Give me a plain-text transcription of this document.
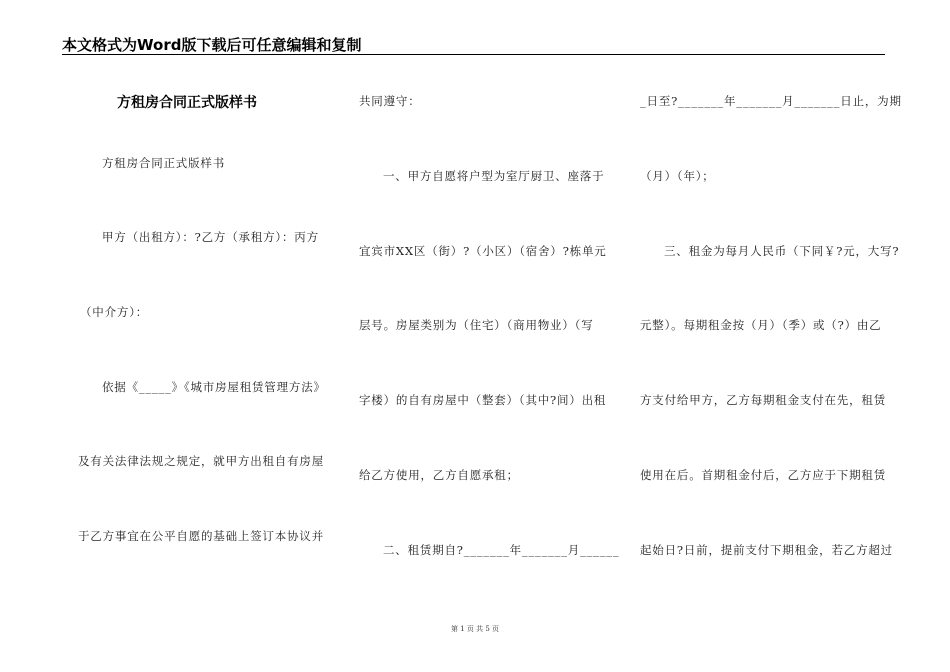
本文格式为Word版下载后可任意编辑和复制
方租房合同正式版样书
方租房合同正式版样书
甲方（出租方）：?乙方（承租方）：丙方
（中介方）：
依据《_____》《城市房屋租赁管理方法》
及有关法律法规之规定，就甲方出租自有房屋
于乙方事宜在公平自愿的基础上签订本协议并
共同遵守：
一、甲方自愿将户型为室厅厨卫、座落于
宜宾市XX区（街）?（小区）（宿舍）?栋单元
层号。房屋类别为（住宅）（商用物业）（写
字楼）的自有房屋中（整套）（其中?间）出租
给乙方使用，乙方自愿承租；
二、租赁期自?_______年_______月______
_日至?_______年_______月_______日止，为期
（月）（年）；
三、租金为每月人民币（下同￥?元，大写?
元整）。每期租金按（月）（季）或（?）由乙
方支付给甲方，乙方每期租金支付在先，租赁
使用在后。首期租金付后，乙方应于下期租赁
起始日?日前，提前支付下期租金，若乙方超过
第 1 页 共 5 页
